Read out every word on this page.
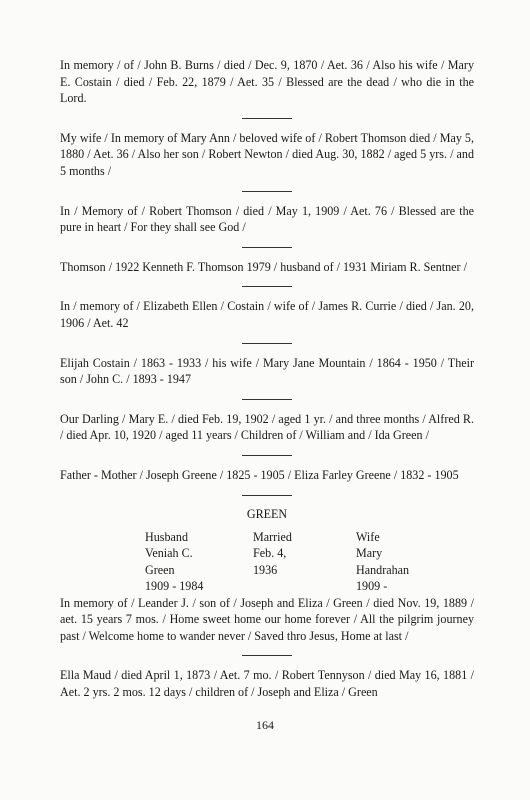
In memory / of / John B. Burns / died / Dec. 9, 1870 / Aet. 36 / Also his wife / Mary E. Costain / died / Feb. 22, 1879 / Aet. 35 / Blessed are the dead / who die in the Lord.

My wife / In memory of Mary Ann / beloved wife of / Robert Thomson died / May 5, 1880 / Aet. 36 / Also her son / Robert Newton / died Aug. 30, 1882 / aged 5 yrs. / and 5 months /

In / Memory of / Robert Thomson / died / May 1, 1909 / Aet. 76 / Blessed are the pure in heart / For they shall see God /

Thomson / 1922 Kenneth F. Thomson 1979 / husband of / 1931 Miriam R. Sentner /

In / memory of / Elizabeth Ellen / Costain / wife of / James R. Currie / died / Jan. 20, 1906 / Aet. 42

Elijah Costain / 1863 - 1933 / his wife / Mary Jane Mountain / 1864 - 1950 / Their son / John C. / 1893 - 1947

Our Darling / Mary E. / died Feb. 19, 1902 / aged 1 yr. / and three months / Alfred R. / died Apr. 10, 1920 / aged 11 years / Children of / William and / Ida Green /

Father - Mother / Joseph Greene / 1825 - 1905 / Eliza Farley Greene / 1832 - 1905

GREEN
Husband
Veniah C.
Green
1909 - 1984
Married
Feb. 4,
1936
Wife
Mary
Handrahan
1909 -

In memory of / Leander J. / son of / Joseph and Eliza / Green / died Nov. 19, 1889 / aet. 15 years 7 mos. / Home sweet home our home forever / All the pilgrim journey past / Welcome home to wander never / Saved thro Jesus, Home at last /

Ella Maud / died April 1, 1873 / Aet. 7 mo. / Robert Tennyson / died May 16, 1881 / Aet. 2 yrs. 2 mos. 12 days / children of / Joseph and Eliza / Green

164
